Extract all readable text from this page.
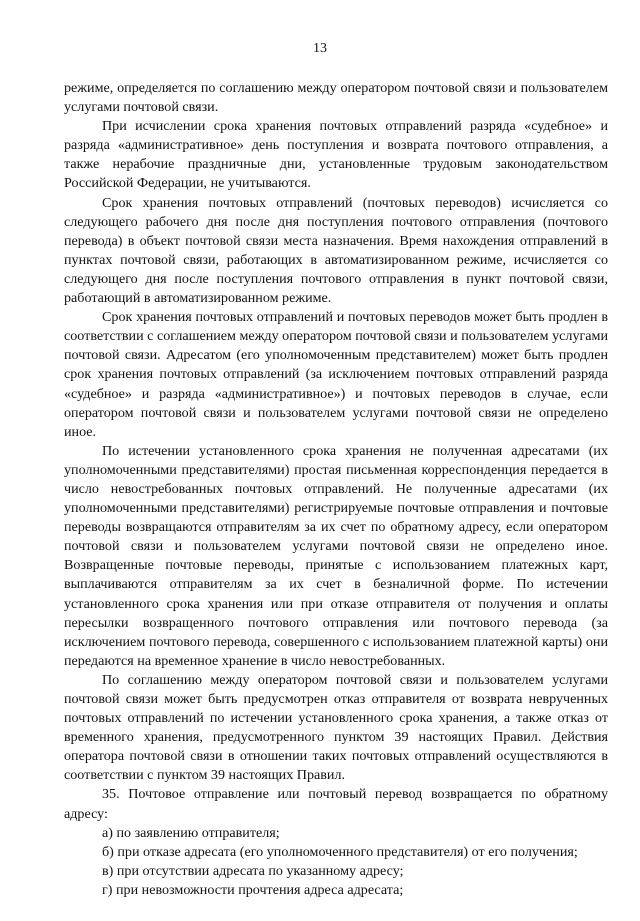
13

режиме, определяется по соглашению между оператором почтовой связи и пользователем услугами почтовой связи.

При исчислении срока хранения почтовых отправлений разряда «судебное» и разряда «административное» день поступления и возврата почтового отправления, а также нерабочие праздничные дни, установленные трудовым законодательством Российской Федерации, не учитываются.

Срок хранения почтовых отправлений (почтовых переводов) исчисляется со следующего рабочего дня после дня поступления почтового отправления (почтового перевода) в объект почтовой связи места назначения. Время нахождения отправлений в пунктах почтовой связи, работающих в автоматизированном режиме, исчисляется со следующего дня после поступления почтового отправления в пункт почтовой связи, работающий в автоматизированном режиме.

Срок хранения почтовых отправлений и почтовых переводов может быть продлен в соответствии с соглашением между оператором почтовой связи и пользователем услугами почтовой связи. Адресатом (его уполномоченным представителем) может быть продлен срок хранения почтовых отправлений (за исключением почтовых отправлений разряда «судебное» и разряда «административное») и почтовых переводов в случае, если оператором почтовой связи и пользователем услугами почтовой связи не определено иное.

По истечении установленного срока хранения не полученная адресатами (их уполномоченными представителями) простая письменная корреспонденция передается в число невостребованных почтовых отправлений. Не полученные адресатами (их уполномоченными представителями) регистрируемые почтовые отправления и почтовые переводы возвращаются отправителям за их счет по обратному адресу, если оператором почтовой связи и пользователем услугами почтовой связи не определено иное. Возвращенные почтовые переводы, принятые с использованием платежных карт, выплачиваются отправителям за их счет в безналичной форме. По истечении установленного срока хранения или при отказе отправителя от получения и оплаты пересылки возвращенного почтового отправления или почтового перевода (за исключением почтового перевода, совершенного с использованием платежной карты) они передаются на временное хранение в число невостребованных.

По соглашению между оператором почтовой связи и пользователем услугами почтовой связи может быть предусмотрен отказ отправителя от возврата неврученных почтовых отправлений по истечении установленного срока хранения, а также отказ от временного хранения, предусмотренного пунктом 39 настоящих Правил. Действия оператора почтовой связи в отношении таких почтовых отправлений осуществляются в соответствии с пунктом 39 настоящих Правил.

35. Почтовое отправление или почтовый перевод возвращается по обратному адресу:

а) по заявлению отправителя;

б) при отказе адресата (его уполномоченного представителя) от его получения;

в) при отсутствии адресата по указанному адресу;

г) при невозможности прочтения адреса адресата;
